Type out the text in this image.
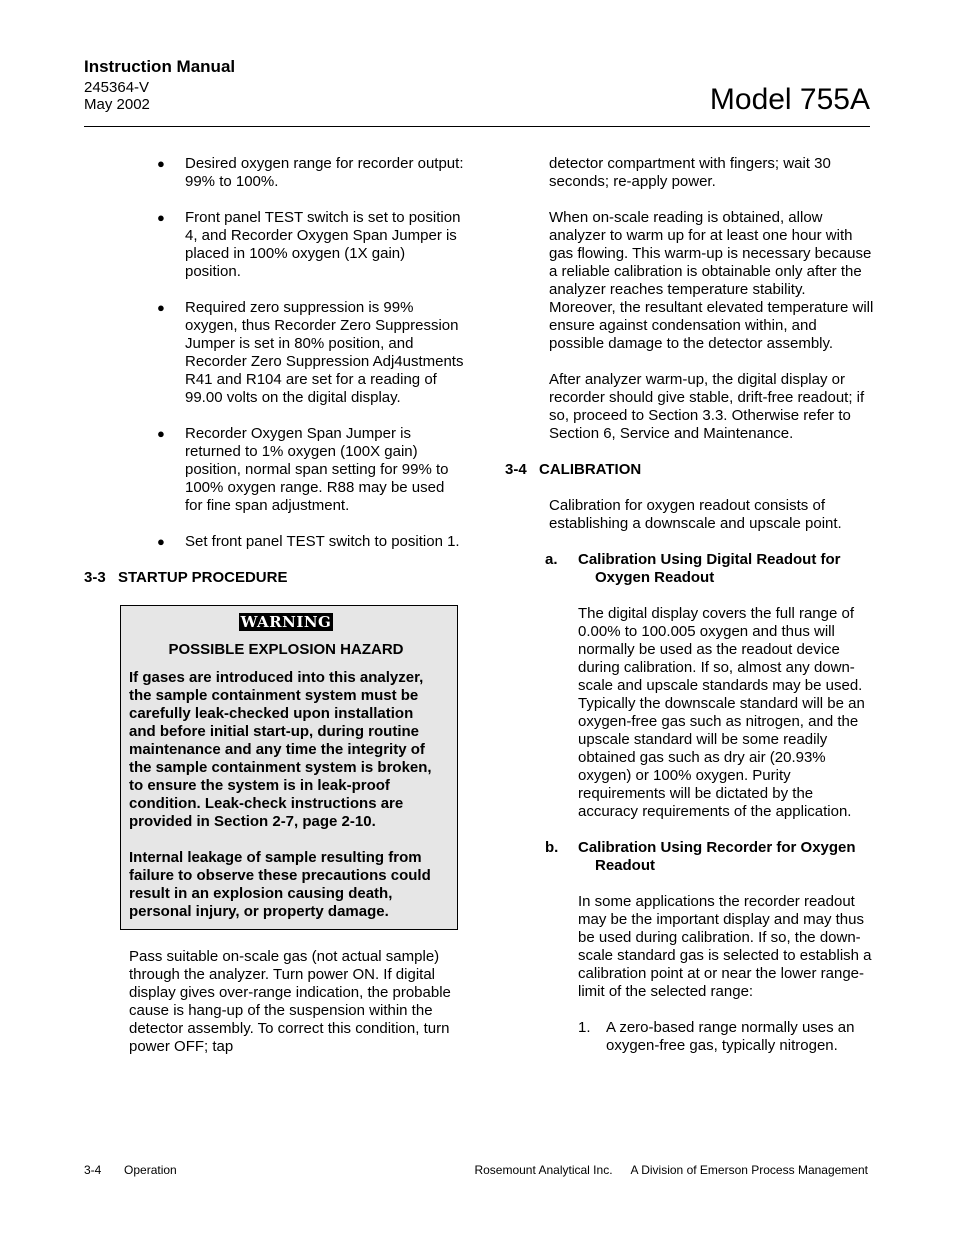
Instruction Manual
245364-V
May 2002	Model 755A
● Desired oxygen range for recorder output: 99% to 100%.
● Front panel TEST switch is set to position 4, and Recorder Oxygen Span Jumper is placed in 100% oxygen (1X gain) position.
● Required zero suppression is 99% oxygen, thus Recorder Zero Suppression Jumper is set in 80% position, and Recorder Zero Suppression Adj4ustments R41 and R104 are set for a reading of 99.00 volts on the digital display.
● Recorder Oxygen Span Jumper is returned to 1% oxygen (100X gain) position, normal span setting for 99% to 100% oxygen range. R88 may be used for fine span adjustment.
● Set front panel TEST switch to position 1.
3-3 STARTUP PROCEDURE
WARNING
POSSIBLE EXPLOSION HAZARD

If gases are introduced into this analyzer, the sample containment system must be carefully leak-checked upon installation and before initial start-up, during routine maintenance and any time the integrity of the sample containment system is broken, to ensure the system is in leak-proof condition. Leak-check instructions are provided in Section 2-7, page 2-10.

Internal leakage of sample resulting from failure to observe these precautions could result in an explosion causing death, personal injury, or property damage.

Pass suitable on-scale gas (not actual sample) through the analyzer. Turn power ON. If digital display gives over-range indication, the probable cause is hang-up of the suspension within the detector assembly. To correct this condition, turn power OFF; tap

detector compartment with fingers; wait 30 seconds; re-apply power.

When on-scale reading is obtained, allow analyzer to warm up for at least one hour with gas flowing. This warm-up is necessary because a reliable calibration is obtainable only after the analyzer reaches temperature stability. Moreover, the resultant elevated temperature will ensure against condensation within, and possible damage to the detector assembly.

After analyzer warm-up, the digital display or recorder should give stable, drift-free readout; if so, proceed to Section 3.3. Otherwise refer to Section 6, Service and Maintenance.

3-4 CALIBRATION

Calibration for oxygen readout consists of establishing a downscale and upscale point.

a. Calibration Using Digital Readout for
Oxygen Readout

The digital display covers the full range of 0.00% to 100.005 oxygen and thus will normally be used as the readout device during calibration. If so, almost any down-scale and upscale standards may be used. Typically the downscale standard will be an oxygen-free gas such as nitrogen, and the upscale standard will be some readily obtained gas such as dry air (20.93% oxygen) or 100% oxygen. Purity requirements will be dictated by the accuracy requirements of the application.

b. Calibration Using Recorder for Oxygen
Readout

In some applications the recorder readout may be the important display and may thus be used during calibration. If so, the down-scale standard gas is selected to establish a calibration point at or near the lower range-limit of the selected range:

1. A zero-based range normally uses an oxygen-free gas, typically nitrogen.
3-4 Operation	Rosemount Analytical Inc. A Division of Emerson Process Management
